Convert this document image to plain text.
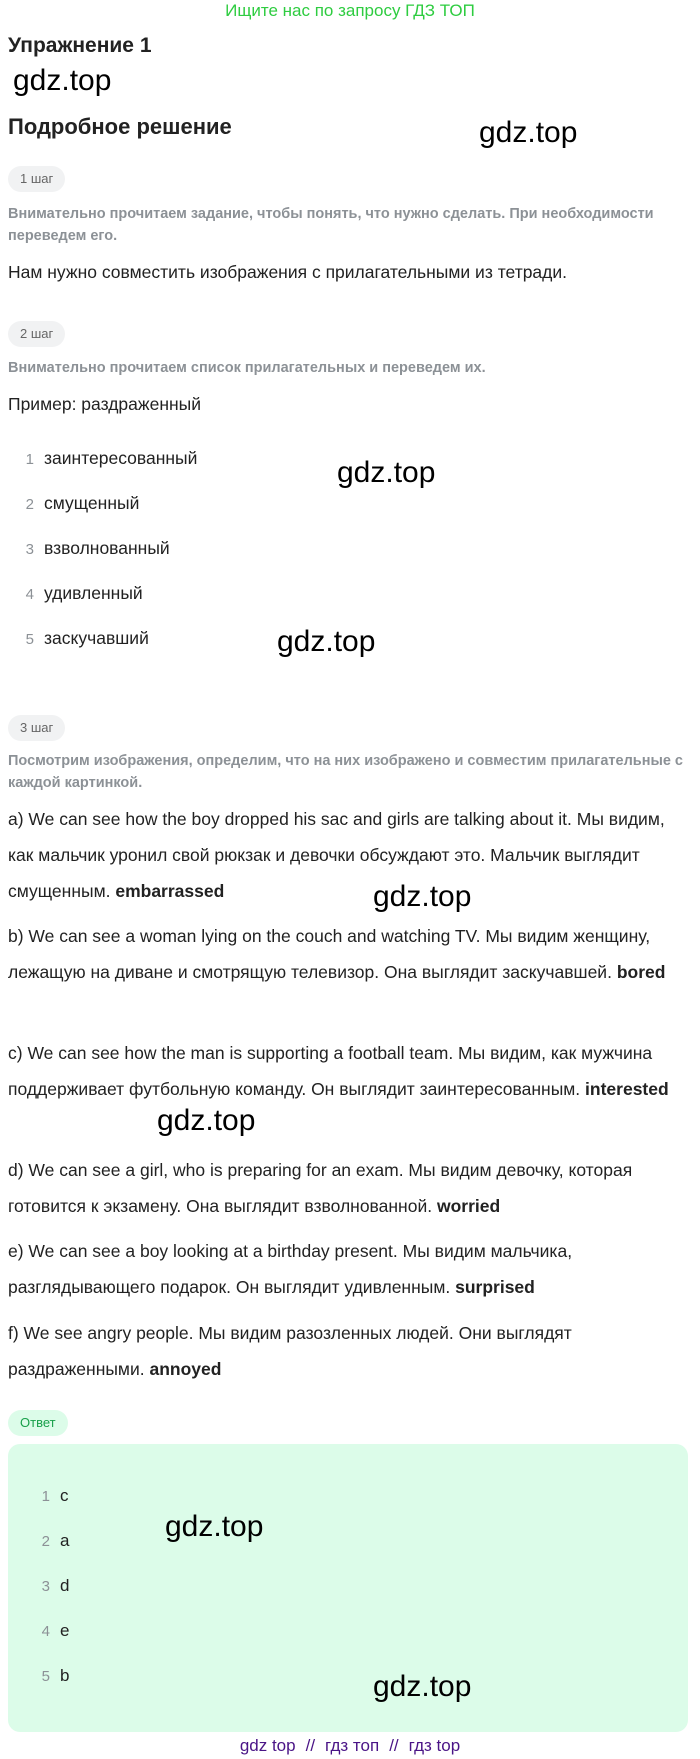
Ищите нас по запросу ГДЗ ТОП
Упражнение 1
gdz.top
Подробное решение	gdz.top
1 шаг
Внимательно прочитаем задание, чтобы понять, что нужно сделать. При необходимости переведем его.
Нам нужно совместить изображения с прилагательными из тетради.
2 шаг
Внимательно прочитаем список прилагательных и переведем их.
Пример: раздраженный
1 заинтересованный
2 смущенный
3 взволнованный
4 удивленный
5 заскучавший
gdz.top
gdz.top
3 шаг
Посмотрим изображения, определим, что на них изображено и совместим прилагательные с каждой картинкой.
a) We can see how the boy dropped his sac and girls are talking about it. Мы видим, как мальчик уронил свой рюкзак и девочки обсуждают это. Мальчик выглядит смущенным. embarrassed	gdz.top
b) We can see a woman lying on the couch and watching TV. Мы видим женщину, лежащую на диване и смотрящую телевизор. Она выглядит заскучавшей. bored
c) We can see how the man is supporting a football team. Мы видим, как мужчина поддерживает футбольную команду. Он выглядит заинтересованным. interested
gdz.top
d) We can see a girl, who is preparing for an exam. Мы видим девочку, которая готовится к экзамену. Она выглядит взволнованной. worried
e) We can see a boy looking at a birthday present. Мы видим мальчика, разглядывающего подарок. Он выглядит удивленным. surprised
f) We see angry people. Мы видим разозленных людей. Они выглядят раздраженными. annoyed
Ответ
1 c
2 a
3 d
4 e
5 b
gdz.top
gdz.top
gdz top // гдз топ // гдз top
